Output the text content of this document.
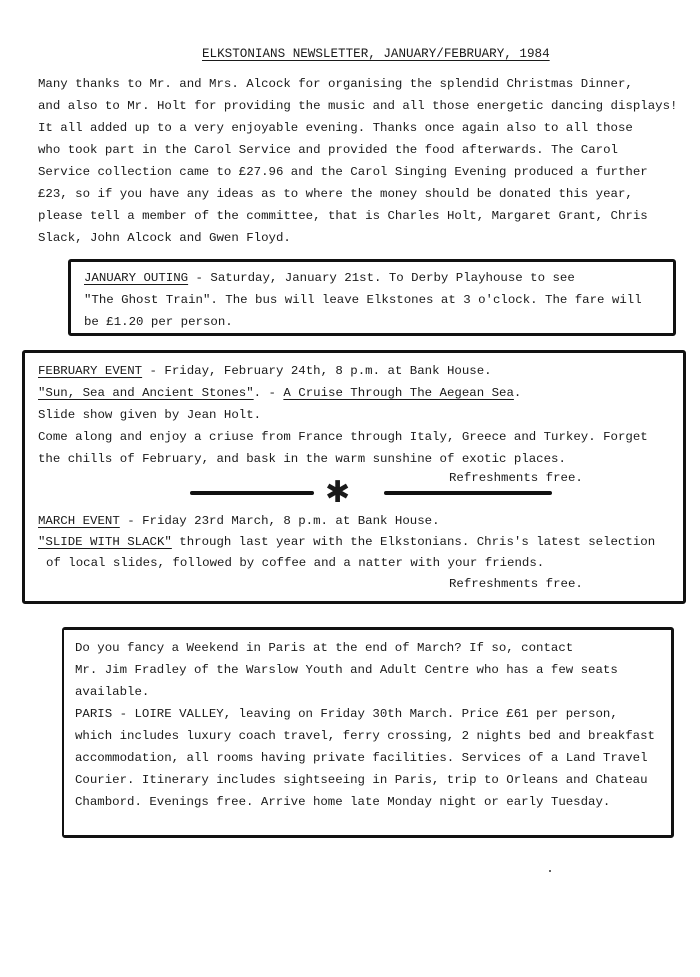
ELKSTONIANS NEWSLETTER, JANUARY/FEBRUARY, 1984
Many thanks to Mr. and Mrs. Alcock for organising the splendid Christmas Dinner,
and also to Mr. Holt for providing the music and all those energetic dancing displays!
It all added up to a very enjoyable evening. Thanks once again also to all those
who took part in the Carol Service and provided the food afterwards. The Carol
Service collection came to £27.96 and the Carol Singing Evening produced a further
£23, so if you have any ideas as to where the money should be donated this year,
please tell a member of the committee, that is Charles Holt, Margaret Grant, Chris
Slack, John Alcock and Gwen Floyd.
JANUARY OUTING - Saturday, January 21st. To Derby Playhouse to see
"The Ghost Train". The bus will leave Elkstones at 3 o'clock. The fare will
be £1.20 per person.
FEBRUARY EVENT - Friday, February 24th, 8 p.m. at Bank House.
"Sun, Sea and Ancient Stones". - A Cruise Through The Aegean Sea.
Slide show given by Jean Holt.
Come along and enjoy a criuse from France through Italy, Greece and Turkey. Forget
the chills of February, and bask in the warm sunshine of exotic places.
Refreshments free.
✱
MARCH EVENT - Friday 23rd March, 8 p.m. at Bank House.
"SLIDE WITH SLACK" through last year with the Elkstonians. Chris's latest selection
of local slides, followed by coffee and a natter with your friends.
Refreshments free.
Do you fancy a Weekend in Paris at the end of March? If so, contact
Mr. Jim Fradley of the Warslow Youth and Adult Centre who has a few seats
available.
PARIS - LOIRE VALLEY, leaving on Friday 30th March. Price £61 per person,
which includes luxury coach travel, ferry crossing, 2 nights bed and breakfast
accommodation, all rooms having private facilities. Services of a Land Travel
Courier. Itinerary includes sightseeing in Paris, trip to Orleans and Chateau
Chambord. Evenings free. Arrive home late Monday night or early Tuesday.
